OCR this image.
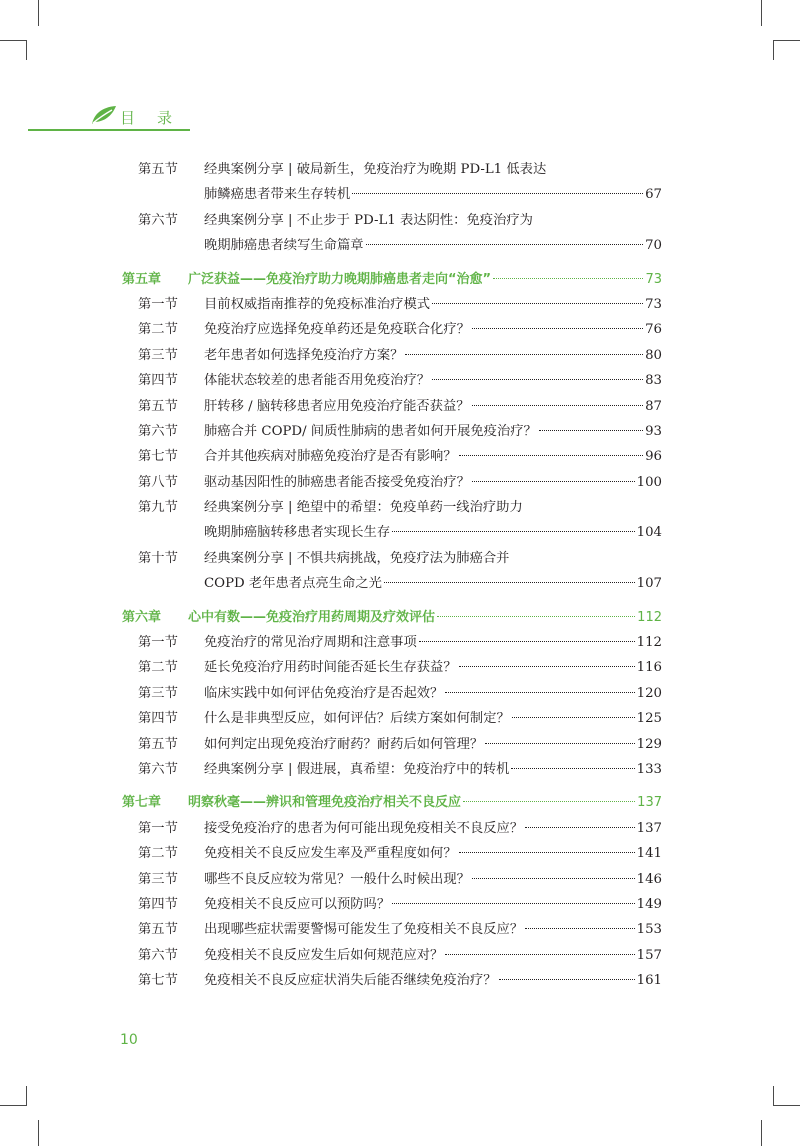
目录
第五节	经典案例分享 | 破局新生，免疫治疗为晚期 PD-L1 低表达
肺鳞癌患者带来生存转机	67
第六节	经典案例分享 | 不止步于 PD-L1 表达阴性：免疫治疗为
晚期肺癌患者续写生命篇章	70
第五章	广泛获益——免疫治疗助力晚期肺癌患者走向“治愈”	73
第一节	目前权威指南推荐的免疫标准治疗模式	73
第二节	免疫治疗应选择免疫单药还是免疫联合化疗？	76
第三节	老年患者如何选择免疫治疗方案？	80
第四节	体能状态较差的患者能否用免疫治疗？	83
第五节	肝转移 / 脑转移患者应用免疫治疗能否获益？	87
第六节	肺癌合并 COPD/ 间质性肺病的患者如何开展免疫治疗？	93
第七节	合并其他疾病对肺癌免疫治疗是否有影响？	96
第八节	驱动基因阳性的肺癌患者能否接受免疫治疗？	100
第九节	经典案例分享 | 绝望中的希望：免疫单药一线治疗助力
晚期肺癌脑转移患者实现长生存	104
第十节	经典案例分享 | 不惧共病挑战，免疫疗法为肺癌合并
COPD 老年患者点亮生命之光	107
第六章	心中有数——免疫治疗用药周期及疗效评估	112
第一节	免疫治疗的常见治疗周期和注意事项	112
第二节	延长免疫治疗用药时间能否延长生存获益？	116
第三节	临床实践中如何评估免疫治疗是否起效？	120
第四节	什么是非典型反应，如何评估？后续方案如何制定？	125
第五节	如何判定出现免疫治疗耐药？耐药后如何管理？	129
第六节	经典案例分享 | 假进展，真希望：免疫治疗中的转机	133
第七章	明察秋毫——辨识和管理免疫治疗相关不良反应	137
第一节	接受免疫治疗的患者为何可能出现免疫相关不良反应？	137
第二节	免疫相关不良反应发生率及严重程度如何？	141
第三节	哪些不良反应较为常见？一般什么时候出现？	146
第四节	免疫相关不良反应可以预防吗？	149
第五节	出现哪些症状需要警惕可能发生了免疫相关不良反应？	153
第六节	免疫相关不良反应发生后如何规范应对？	157
第七节	免疫相关不良反应症状消失后能否继续免疫治疗？	161
10
